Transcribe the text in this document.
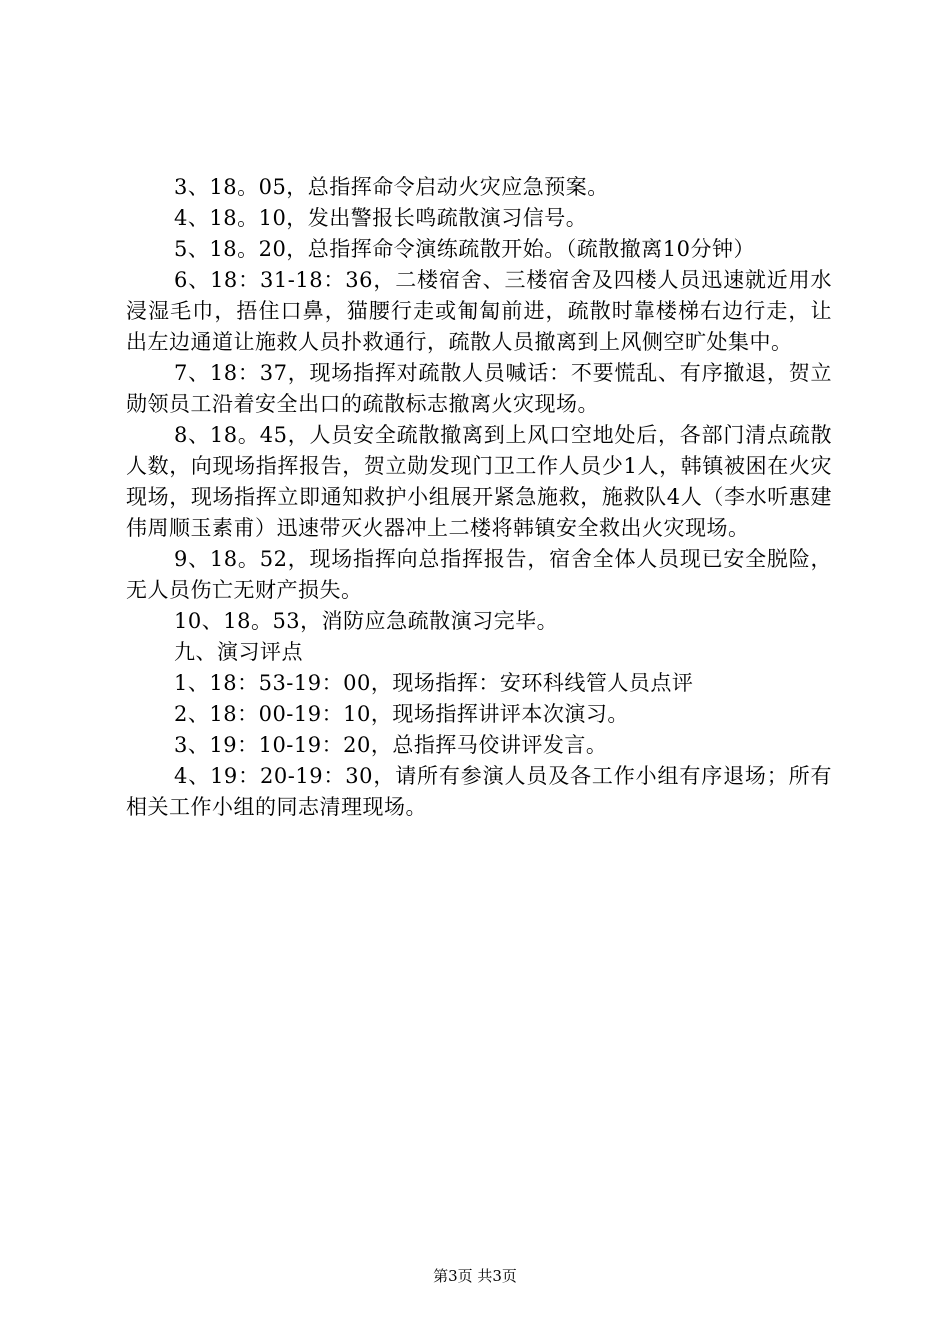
3、18。05，总指挥命令启动火灾应急预案。

4、18。10，发出警报长鸣疏散演习信号。

5、18。20，总指挥命令演练疏散开始。（疏散撤离10分钟）

6、18：31-18：36，二楼宿舍、三楼宿舍及四楼人员迅速就近用水浸湿毛巾，捂住口鼻，猫腰行走或匍匐前进，疏散时靠楼梯右边行走，让出左边通道让施救人员扑救通行，疏散人员撤离到上风侧空旷处集中。

7、18：37，现场指挥对疏散人员喊话：不要慌乱、有序撤退，贺立勋领员工沿着安全出口的疏散标志撤离火灾现场。

8、18。45，人员安全疏散撤离到上风口空地处后，各部门清点疏散人数，向现场指挥报告，贺立勋发现门卫工作人员少1人，韩镇被困在火灾现场，现场指挥立即通知救护小组展开紧急施救，施救队4人（李水听惠建伟周顺玉素甫）迅速带灭火器冲上二楼将韩镇安全救出火灾现场。

9、18。52，现场指挥向总指挥报告，宿舍全体人员现已安全脱险，无人员伤亡无财产损失。

10、18。53，消防应急疏散演习完毕。

九、演习评点

1、18：53-19：00，现场指挥：安环科线管人员点评

2、18：00-19：10，现场指挥讲评本次演习。

3、19：10-19：20，总指挥马佼讲评发言。

4、19：20-19：30，请所有参演人员及各工作小组有序退场；所有相关工作小组的同志清理现场。

第3页 共3页
